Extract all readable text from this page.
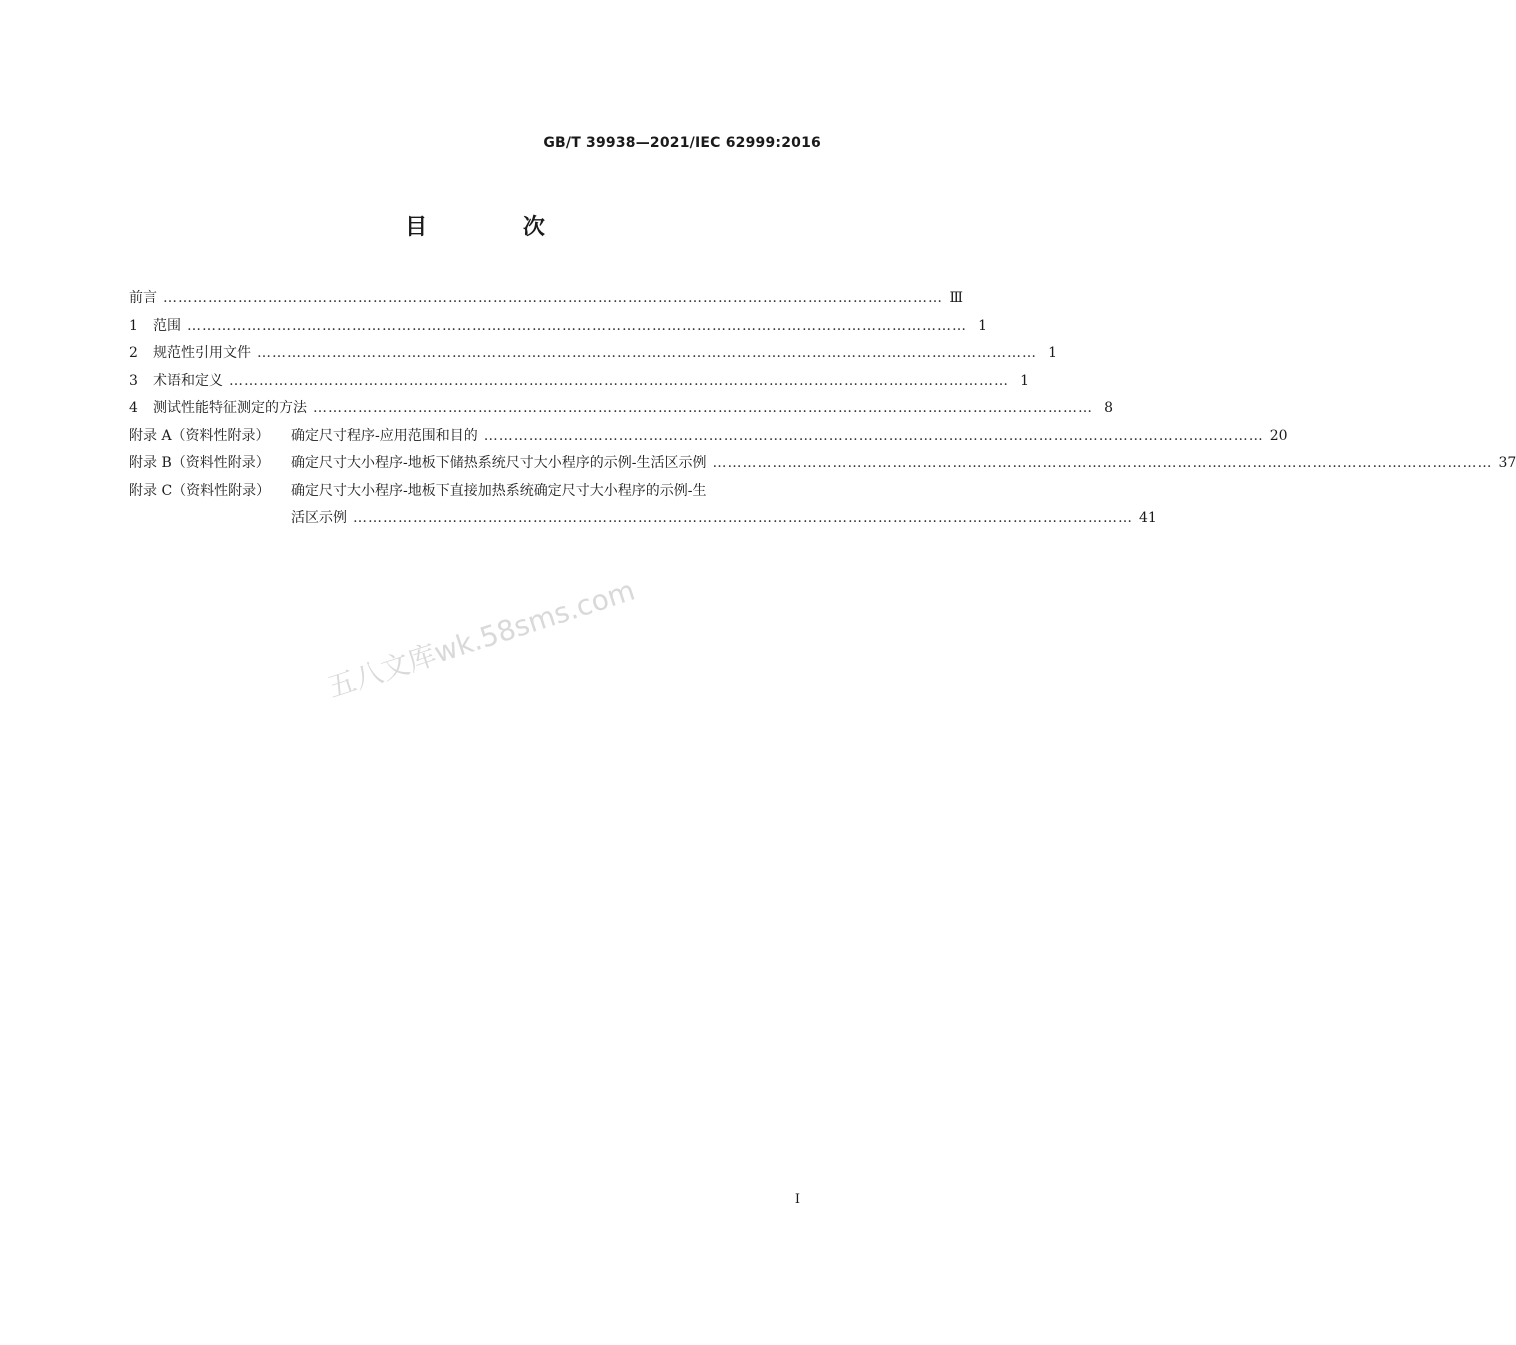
GB/T 39938—2021/IEC 62999:2016
目 次
前言 ………………………………………………………………………………………………………………………………………… Ⅲ
1	范围 ………………………………………………………………………………………………………………………………………… 1
2	规范性引用文件 ………………………………………………………………………………………………………………………………………… 1
3	术语和定义 ………………………………………………………………………………………………………………………………………… 1
4	测试性能特征测定的方法 ………………………………………………………………………………………………………………………………………… 8
附录 A（资料性附录）	确定尺寸程序-应用范围和目的 ………………………………………………………………………………………………………………………………………… 20
附录 B（资料性附录）	确定尺寸大小程序-地板下储热系统尺寸大小程序的示例-生活区示例 ………………………………………………………………………………………………………………………………………… 37
附录 C（资料性附录）	确定尺寸大小程序-地板下直接加热系统确定尺寸大小程序的示例-生
活区示例 ………………………………………………………………………………………………………………………………………… 41
五八文库wk.58sms.com
I
